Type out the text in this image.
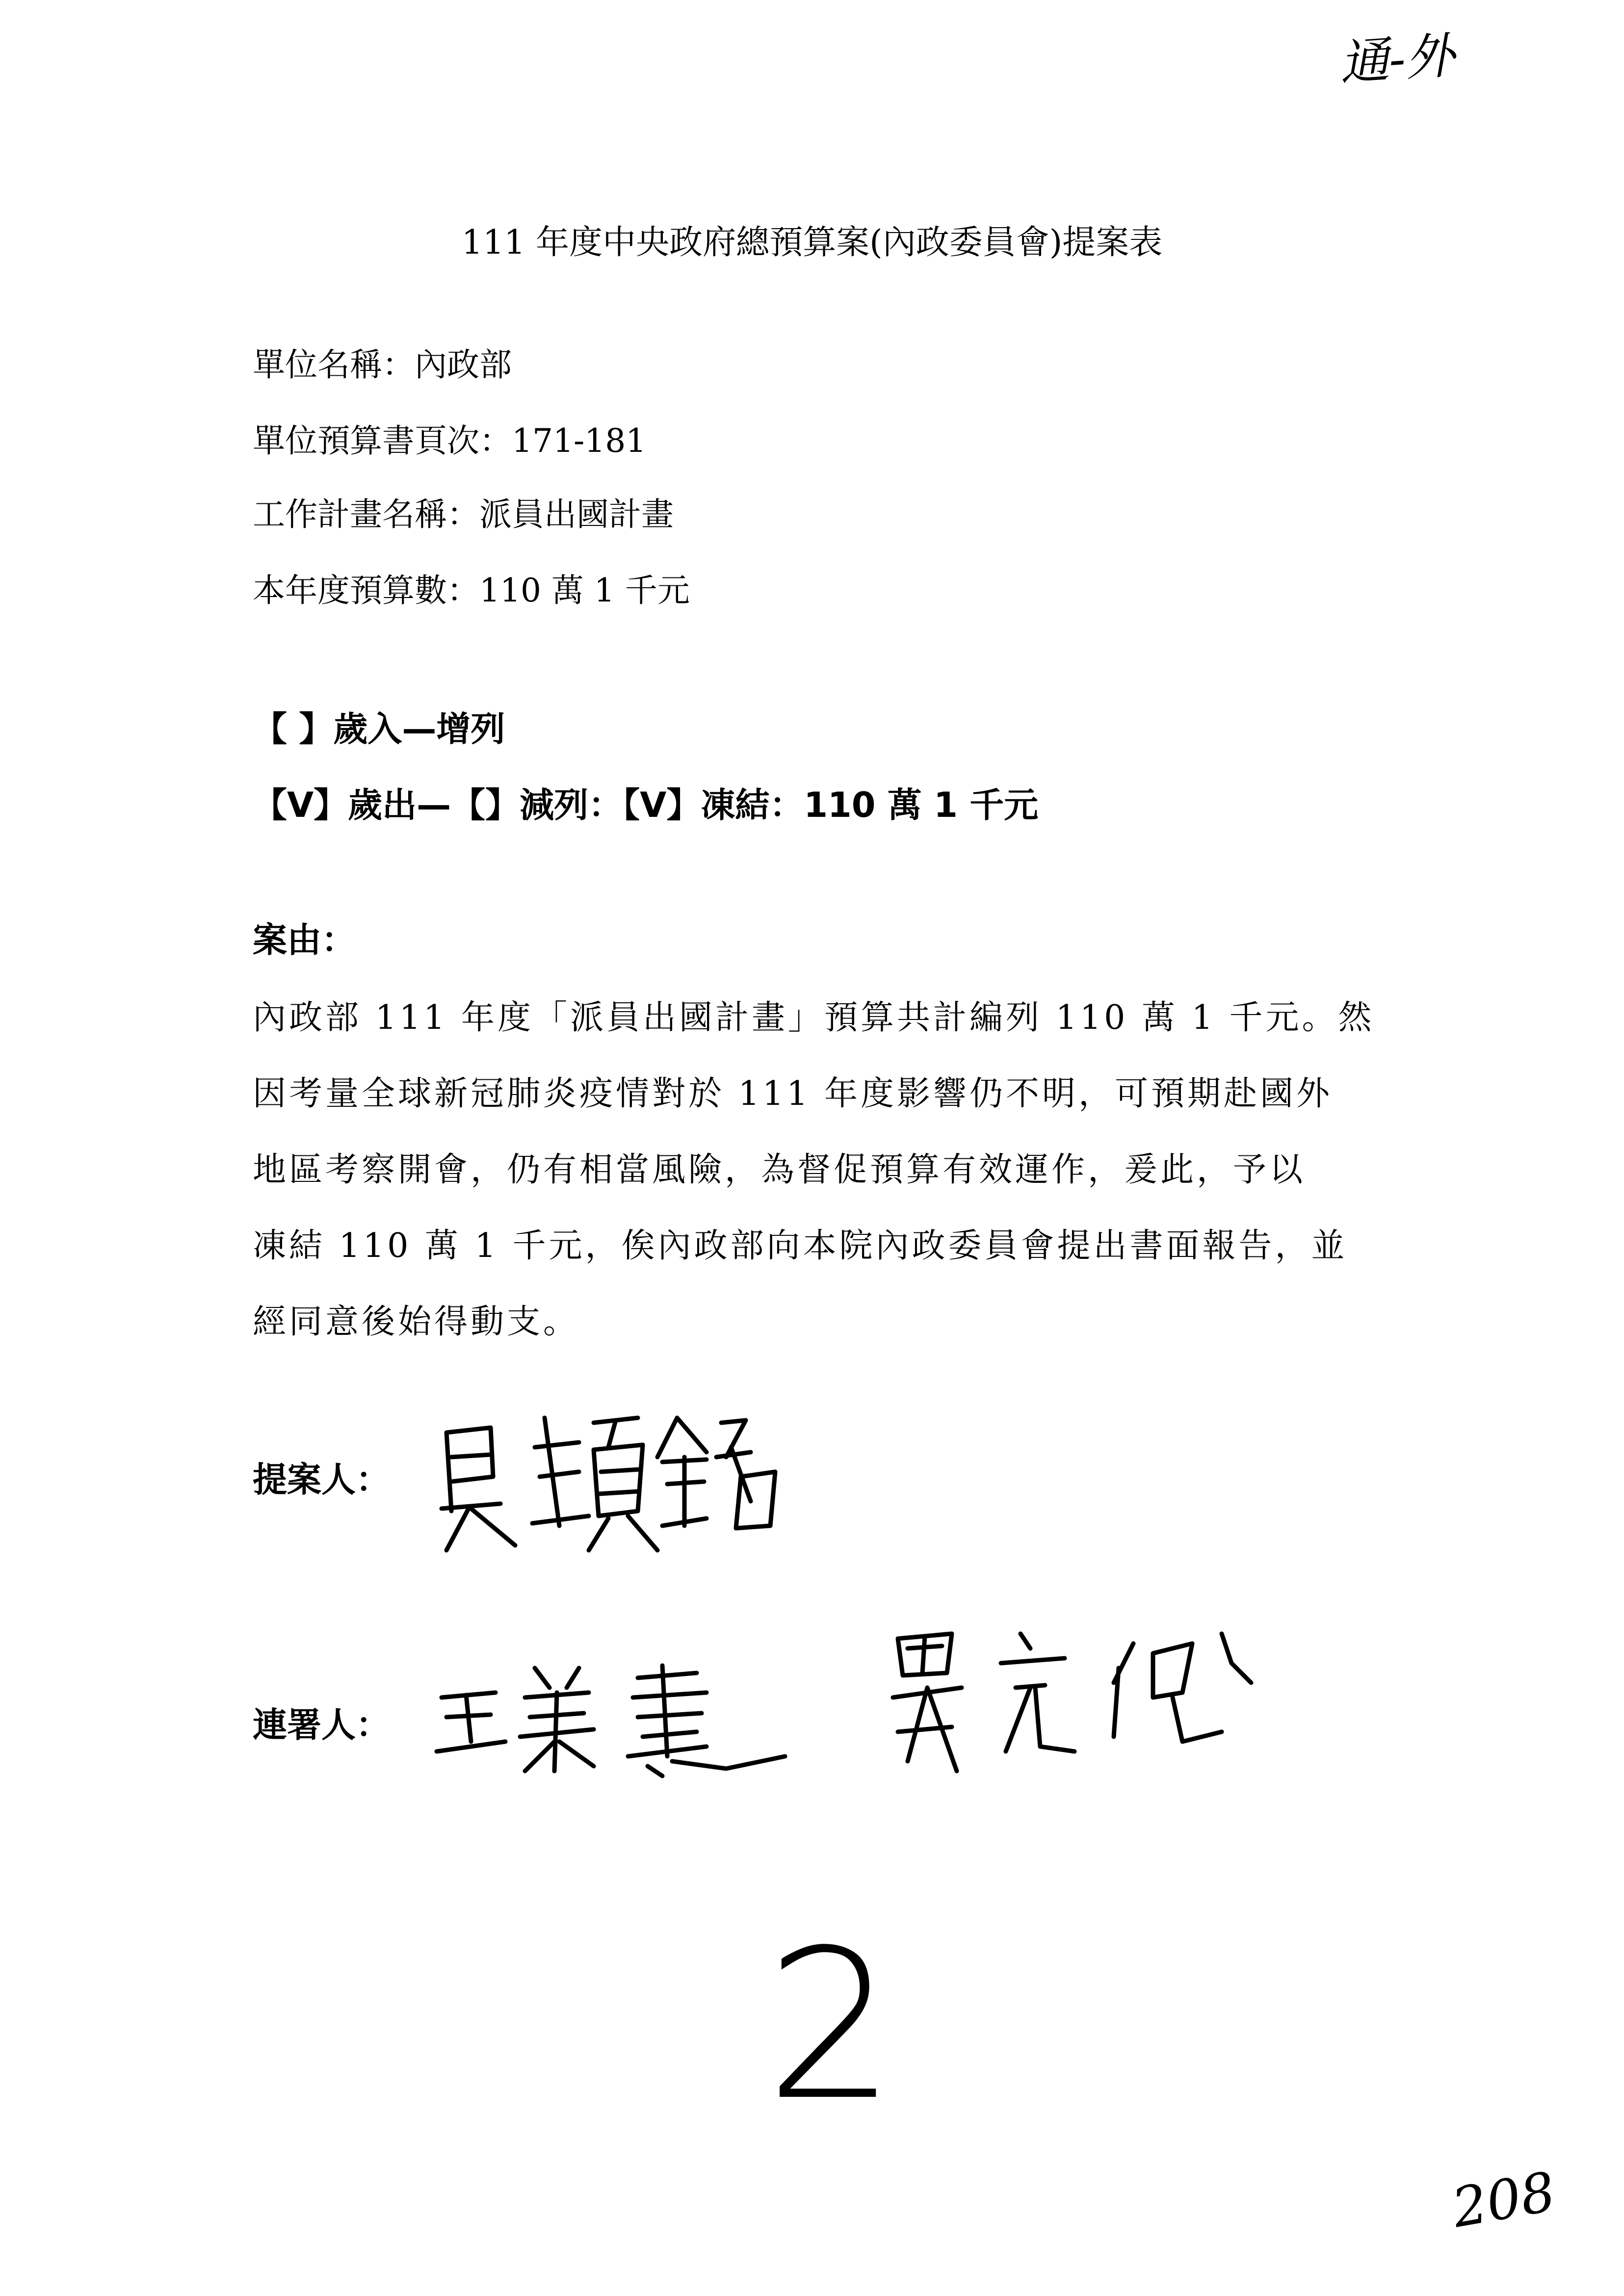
通-外
111 年度中央政府總預算案(內政委員會)提案表
單位名稱：內政部
單位預算書頁次：171-181
工作計畫名稱：派員出國計畫
本年度預算數：110 萬 1 千元
【 】歲入—增列
【V】歲出—【】減列：【V】凍結：110 萬 1 千元
案由：
內政部 111 年度「派員出國計畫」預算共計編列 110 萬 1 千元。然
因考量全球新冠肺炎疫情對於 111 年度影響仍不明，可預期赴國外
地區考察開會，仍有相當風險，為督促預算有效運作，爰此，予以
凍結 110 萬 1 千元，俟內政部向本院內政委員會提出書面報告，並
經同意後始得動支。
提案人：
連署人：
2
208
